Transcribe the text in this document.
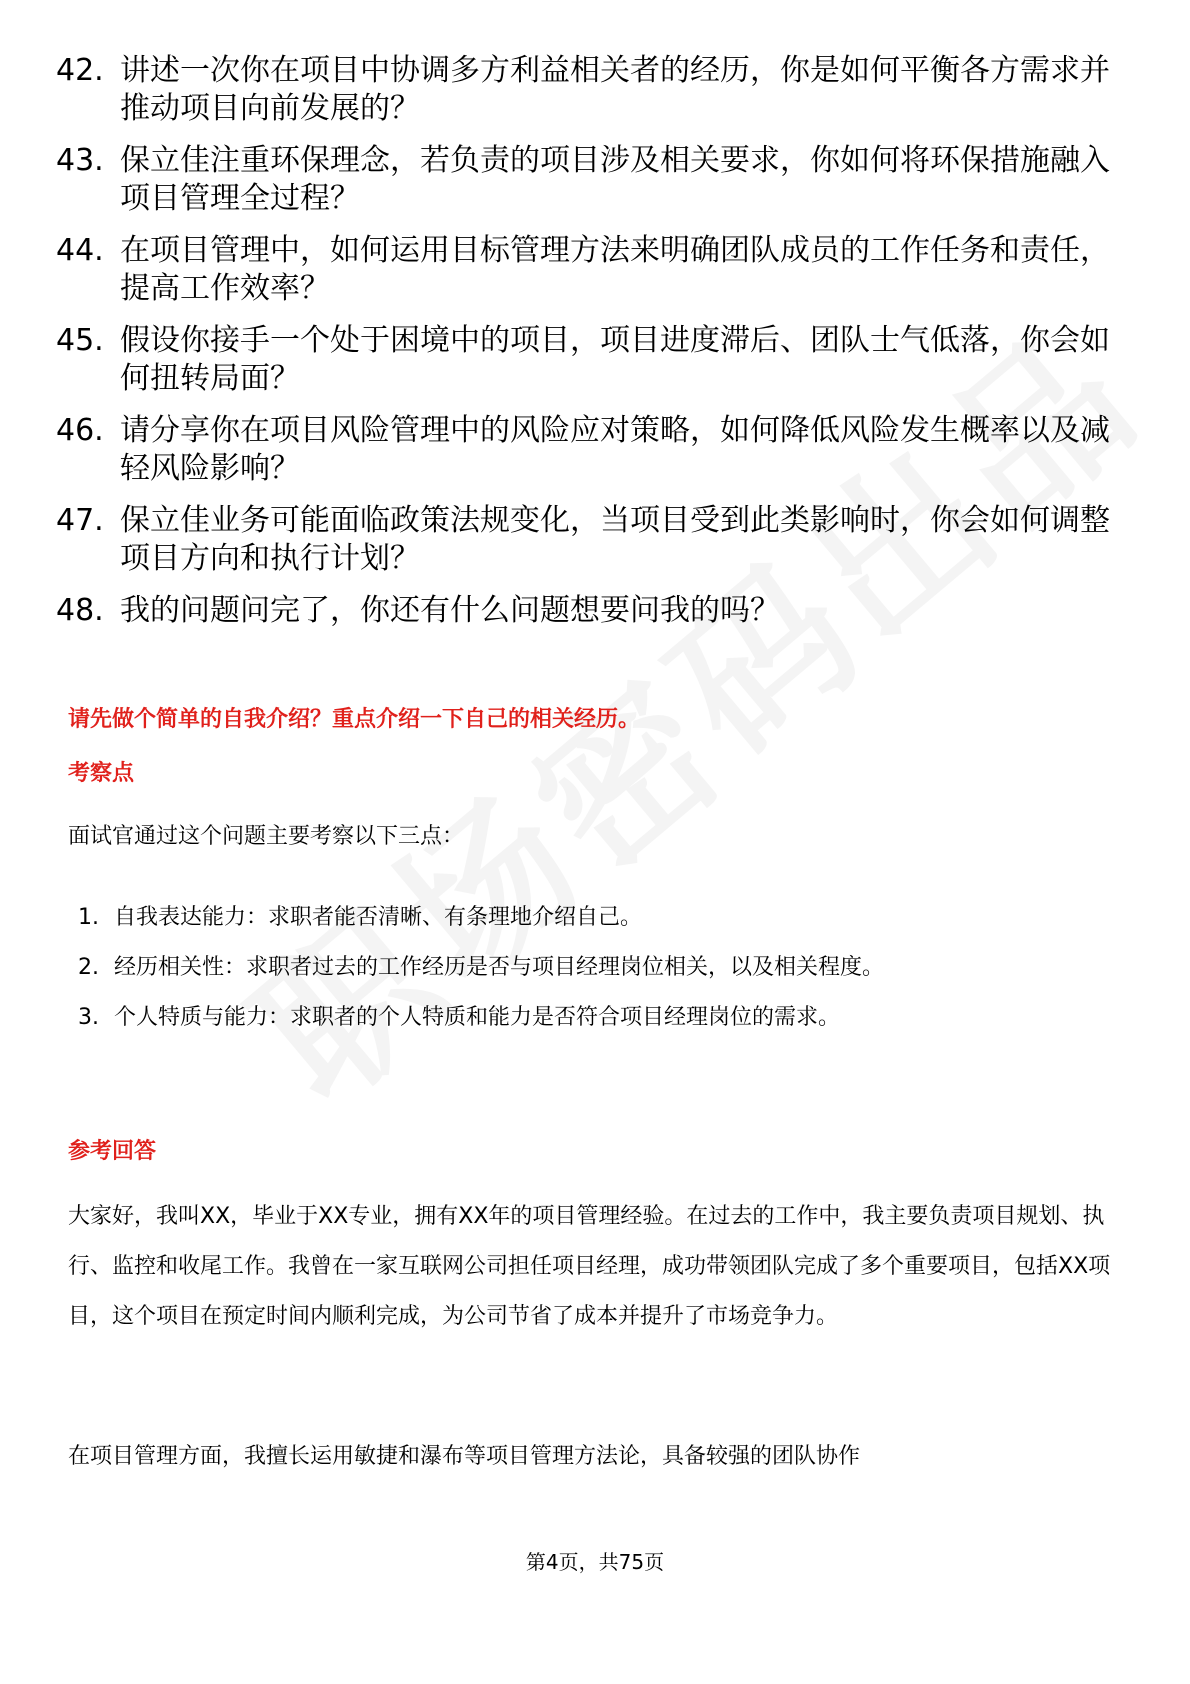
42. 讲述一次你在项目中协调多方利益相关者的经历，你是如何平衡各方需求并推动项目向前发展的？
43. 保立佳注重环保理念，若负责的项目涉及相关要求，你如何将环保措施融入项目管理全过程？
44. 在项目管理中，如何运用目标管理方法来明确团队成员的工作任务和责任，提高工作效率？
45. 假设你接手一个处于困境中的项目，项目进度滞后、团队士气低落，你会如何扭转局面？
46. 请分享你在项目风险管理中的风险应对策略，如何降低风险发生概率以及减轻风险影响？
47. 保立佳业务可能面临政策法规变化，当项目受到此类影响时，你会如何调整项目方向和执行计划？
48. 我的问题问完了，你还有什么问题想要问我的吗？
请先做个简单的自我介绍？重点介绍一下自己的相关经历。
考察点
面试官通过这个问题主要考察以下三点：
1. 自我表达能力：求职者能否清晰、有条理地介绍自己。
2. 经历相关性：求职者过去的工作经历是否与项目经理岗位相关，以及相关程度。
3. 个人特质与能力：求职者的个人特质和能力是否符合项目经理岗位的需求。
参考回答
大家好，我叫XX，毕业于XX专业，拥有XX年的项目管理经验。在过去的工作中，我主要负责项目规划、执行、监控和收尾工作。我曾在一家互联网公司担任项目经理，成功带领团队完成了多个重要项目，包括XX项目，这个项目在预定时间内顺利完成，为公司节省了成本并提升了市场竞争力。
在项目管理方面，我擅长运用敏捷和瀑布等项目管理方法论，具备较强的团队协作
第4页，共75页
